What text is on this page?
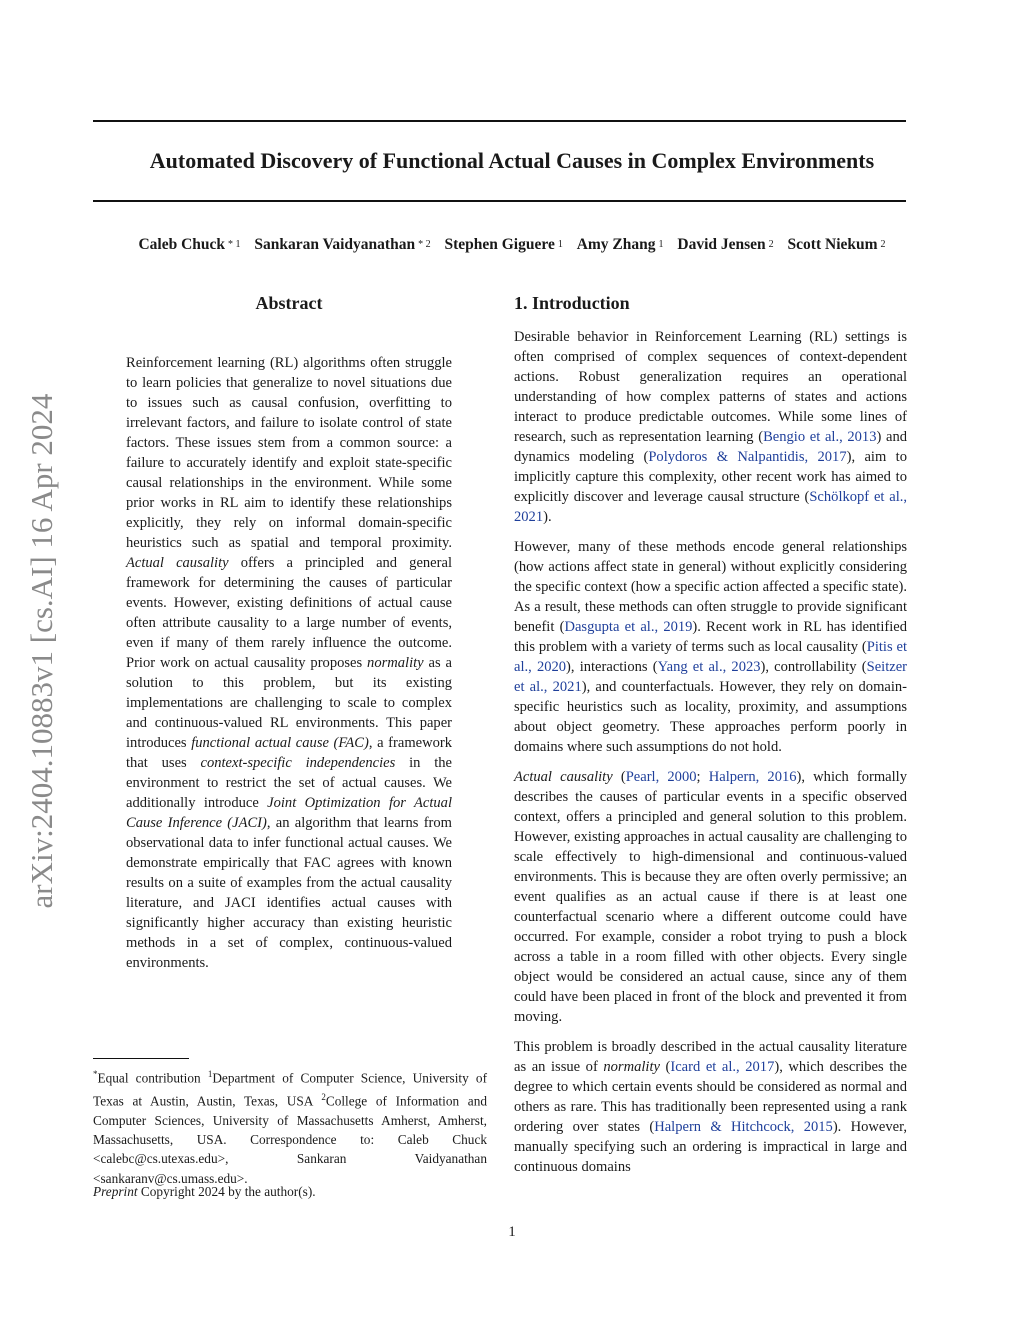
Automated Discovery of Functional Actual Causes in Complex Environments
Caleb Chuck $^{* 1}$ Sankaran Vaidyanathan $^{* 2}$ Stephen Giguere $^1$ Amy Zhang $^1$ David Jensen $^2$ Scott Niekum $^2$
arXiv:2404.10883v1 [cs.AI] 16 Apr 2024
Abstract

Reinforcement learning (RL) algorithms often struggle to learn policies that generalize to novel situations due to issues such as causal confusion, overfitting to irrelevant factors, and failure to isolate control of state factors. These issues stem from a common source: a failure to accurately identify and exploit state-specific causal relationships in the environment. While some prior works in RL aim to identify these relationships explicitly, they rely on informal domain-specific heuristics such as spatial and temporal proximity. Actual causality offers a principled and general framework for determining the causes of particular events. However, existing definitions of actual cause often attribute causality to a large number of events, even if many of them rarely influence the outcome. Prior work on actual causality proposes normality as a solution to this problem, but its existing implementations are challenging to scale to complex and continuous-valued RL environments. This paper introduces functional actual cause (FAC), a framework that uses context-specific independencies in the environment to restrict the set of actual causes. We additionally introduce Joint Optimization for Actual Cause Inference (JACI), an algorithm that learns from observational data to infer functional actual causes. We demonstrate empirically that FAC agrees with known results on a suite of examples from the actual causality literature, and JACI identifies actual causes with significantly higher accuracy than existing heuristic methods in a set of complex, continuous-valued environments.

*Equal contribution $^1$Department of Computer Science, University of Texas at Austin, Austin, Texas, USA $^2$College of Information and Computer Sciences, University of Massachusetts Amherst, Amherst, Massachusetts, USA. Correspondence to: Caleb Chuck <calebc@cs.utexas.edu>, Sankaran Vaidyanathan <sankaranv@cs.umass.edu>.

Preprint Copyright 2024 by the author(s).
1. Introduction

Desirable behavior in Reinforcement Learning (RL) settings is often comprised of complex sequences of context-dependent actions. Robust generalization requires an operational understanding of how complex patterns of states and actions interact to produce predictable outcomes. While some lines of research, such as representation learning (Bengio et al., 2013) and dynamics modeling (Polydoros & Nalpantidis, 2017), aim to implicitly capture this complexity, other recent work has aimed to explicitly discover and leverage causal structure (Schölkopf et al., 2021).

However, many of these methods encode general relationships (how actions affect state in general) without explicitly considering the specific context (how a specific action affected a specific state). As a result, these methods can often struggle to provide significant benefit (Dasgupta et al., 2019). Recent work in RL has identified this problem with a variety of terms such as local causality (Pitis et al., 2020), interactions (Yang et al., 2023), controllability (Seitzer et al., 2021), and counterfactuals. However, they rely on domain-specific heuristics such as locality, proximity, and assumptions about object geometry. These approaches perform poorly in domains where such assumptions do not hold.

Actual causality (Pearl, 2000; Halpern, 2016), which formally describes the causes of particular events in a specific observed context, offers a principled and general solution to this problem. However, existing approaches in actual causality are challenging to scale effectively to high-dimensional and continuous-valued environments. This is because they are often overly permissive; an event qualifies as an actual cause if there is at least one counterfactual scenario where a different outcome could have occurred. For example, consider a robot trying to push a block across a table in a room filled with other objects. Every single object would be considered an actual cause, since any of them could have been placed in front of the block and prevented it from moving.

This problem is broadly described in the actual causality literature as an issue of normality (Icard et al., 2017), which describes the degree to which certain events should be considered as normal and others as rare. This has traditionally been represented using a rank ordering over states (Halpern & Hitchcock, 2015). However, manually specifying such an ordering is impractical in large and continuous domains

1
